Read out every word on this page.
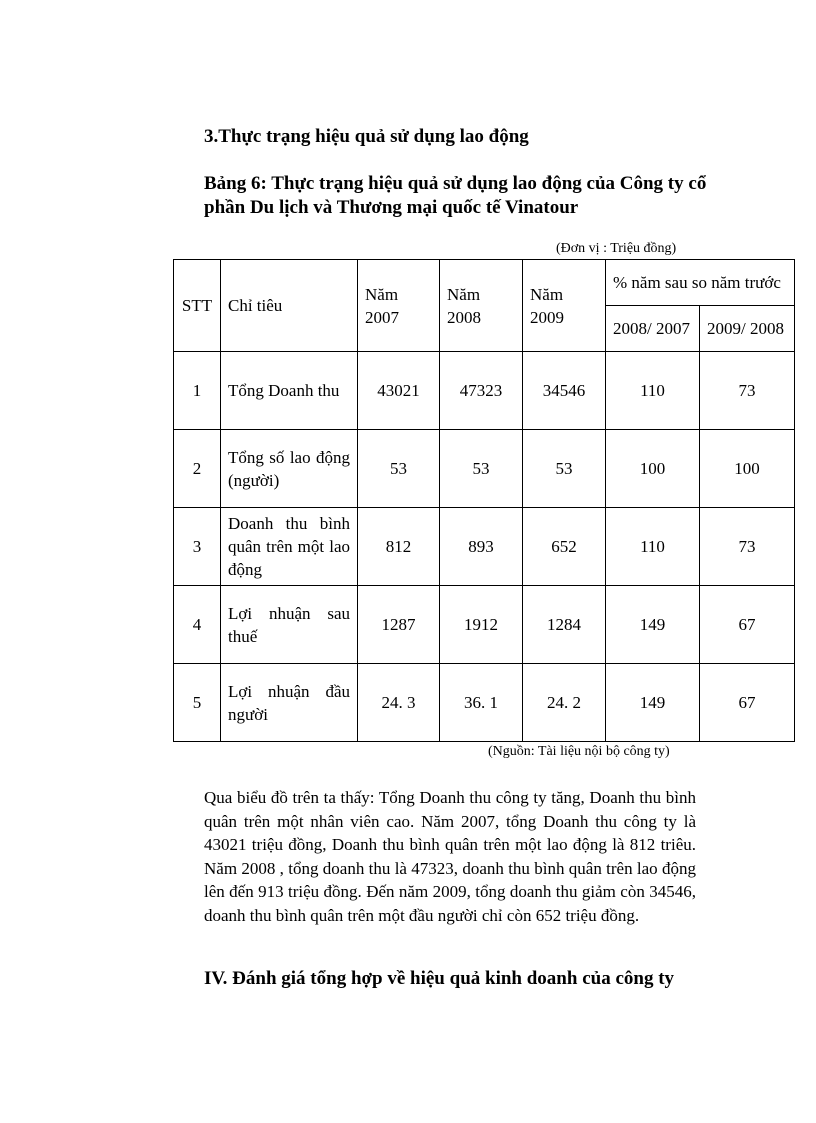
3.Thực trạng hiệu quả sử dụng lao động

Bảng 6: Thực trạng hiệu quả sử dụng lao động của Công ty cổ phần Du lịch và Thương mại quốc tế Vinatour

(Đơn vị : Triệu đồng)

STT	Chỉ tiêu	Năm 2007	Năm 2008	Năm 2009	% năm sau so năm trước	
					2008/ 2007	2009/ 2008
1	Tổng Doanh thu	43021	47323	34546	110	73
2	Tổng số lao động (người)	53	53	53	100	100
3	Doanh thu bình quân trên một lao động	812	893	652	110	73
4	Lợi nhuận sau thuế	1287	1912	1284	149	67
5	Lợi nhuận đầu người	24. 3	36. 1	24. 2	149	67

(Nguồn: Tài liệu nội bộ công ty)

Qua biểu đồ trên ta thấy: Tổng Doanh thu công ty tăng, Doanh thu bình quân trên một nhân viên cao. Năm 2007, tổng Doanh thu công ty là 43021 triệu đồng, Doanh thu bình quân trên một lao động là 812 triêu. Năm 2008 , tổng doanh thu là 47323, doanh thu bình quân trên lao động lên đến 913 triệu đồng. Đến năm 2009, tổng doanh thu giảm còn 34546, doanh thu bình quân trên một đầu người chỉ còn 652 triệu đồng.

IV. Đánh giá tổng hợp về hiệu quả kinh doanh của công ty
